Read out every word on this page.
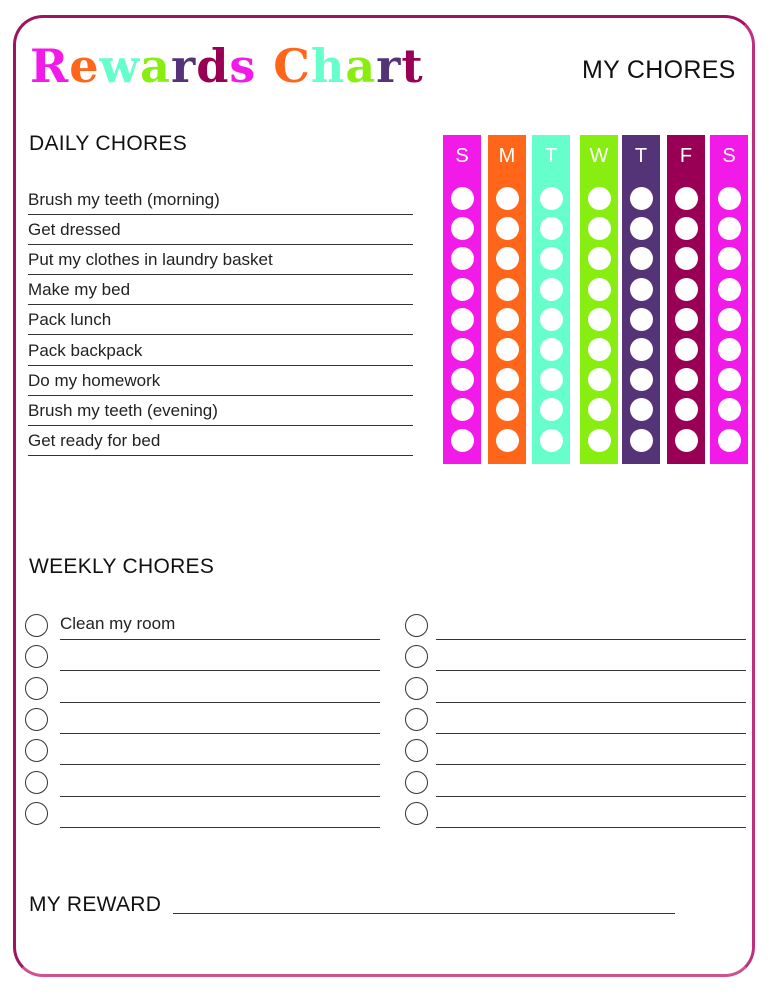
Rewards Chart	MY CHORES
DAILY CHORES
Brush my teeth (morning)
Get dressed
Put my clothes in laundry basket
Make my bed
Pack lunch
Pack backpack
Do my homework
Brush my teeth (evening)
Get ready for bed
S	M	T	W	T	F	S
WEEKLY CHORES
Clean my room
MY REWARD
